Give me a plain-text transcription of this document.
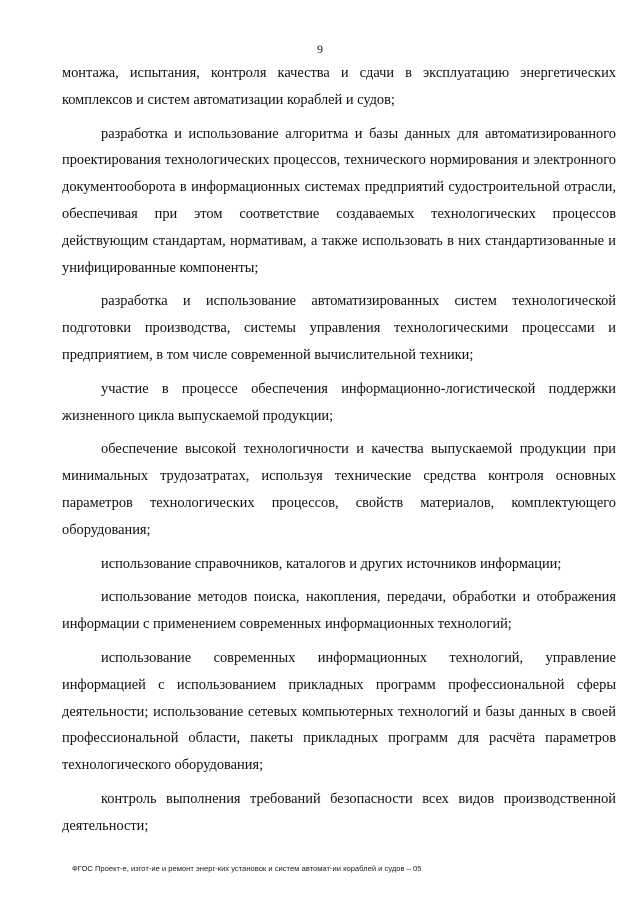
9

монтажа, испытания, контроля качества и сдачи в эксплуатацию энергетических комплексов и систем автоматизации кораблей и судов;

разработка и использование алгоритма и базы данных для автоматизированного проектирования технологических процессов, технического нормирования и электронного документооборота в информационных системах предприятий судостроительной отрасли, обеспечивая при этом соответствие создаваемых технологических процессов действующим стандартам, нормативам, а также использовать в них стандартизованные и унифицированные компоненты;

разработка и использование автоматизированных систем технологической подготовки производства, системы управления технологическими процессами и предприятием, в том числе современной вычислительной техники;

участие в процессе обеспечения информационно-логистической поддержки жизненного цикла выпускаемой продукции;

обеспечение высокой технологичности и качества выпускаемой продукции при минимальных трудозатратах, используя технические средства контроля основных параметров технологических процессов, свойств материалов, комплектующего оборудования;

использование справочников, каталогов и других источников информации;

использование методов поиска, накопления, передачи, обработки и отображения информации с применением современных информационных технологий;

использование современных информационных технологий, управление информацией с использованием прикладных программ профессиональной сферы деятельности; использование сетевых компьютерных технологий и базы данных в своей профессиональной области, пакеты прикладных программ для расчёта параметров технологического оборудования;

контроль выполнения требований безопасности всех видов производственной деятельности;

ФГОС Проект-е, изгот-ие и ремонт энерг-ких установок и систем автомат-ии кораблей и судов – 05
